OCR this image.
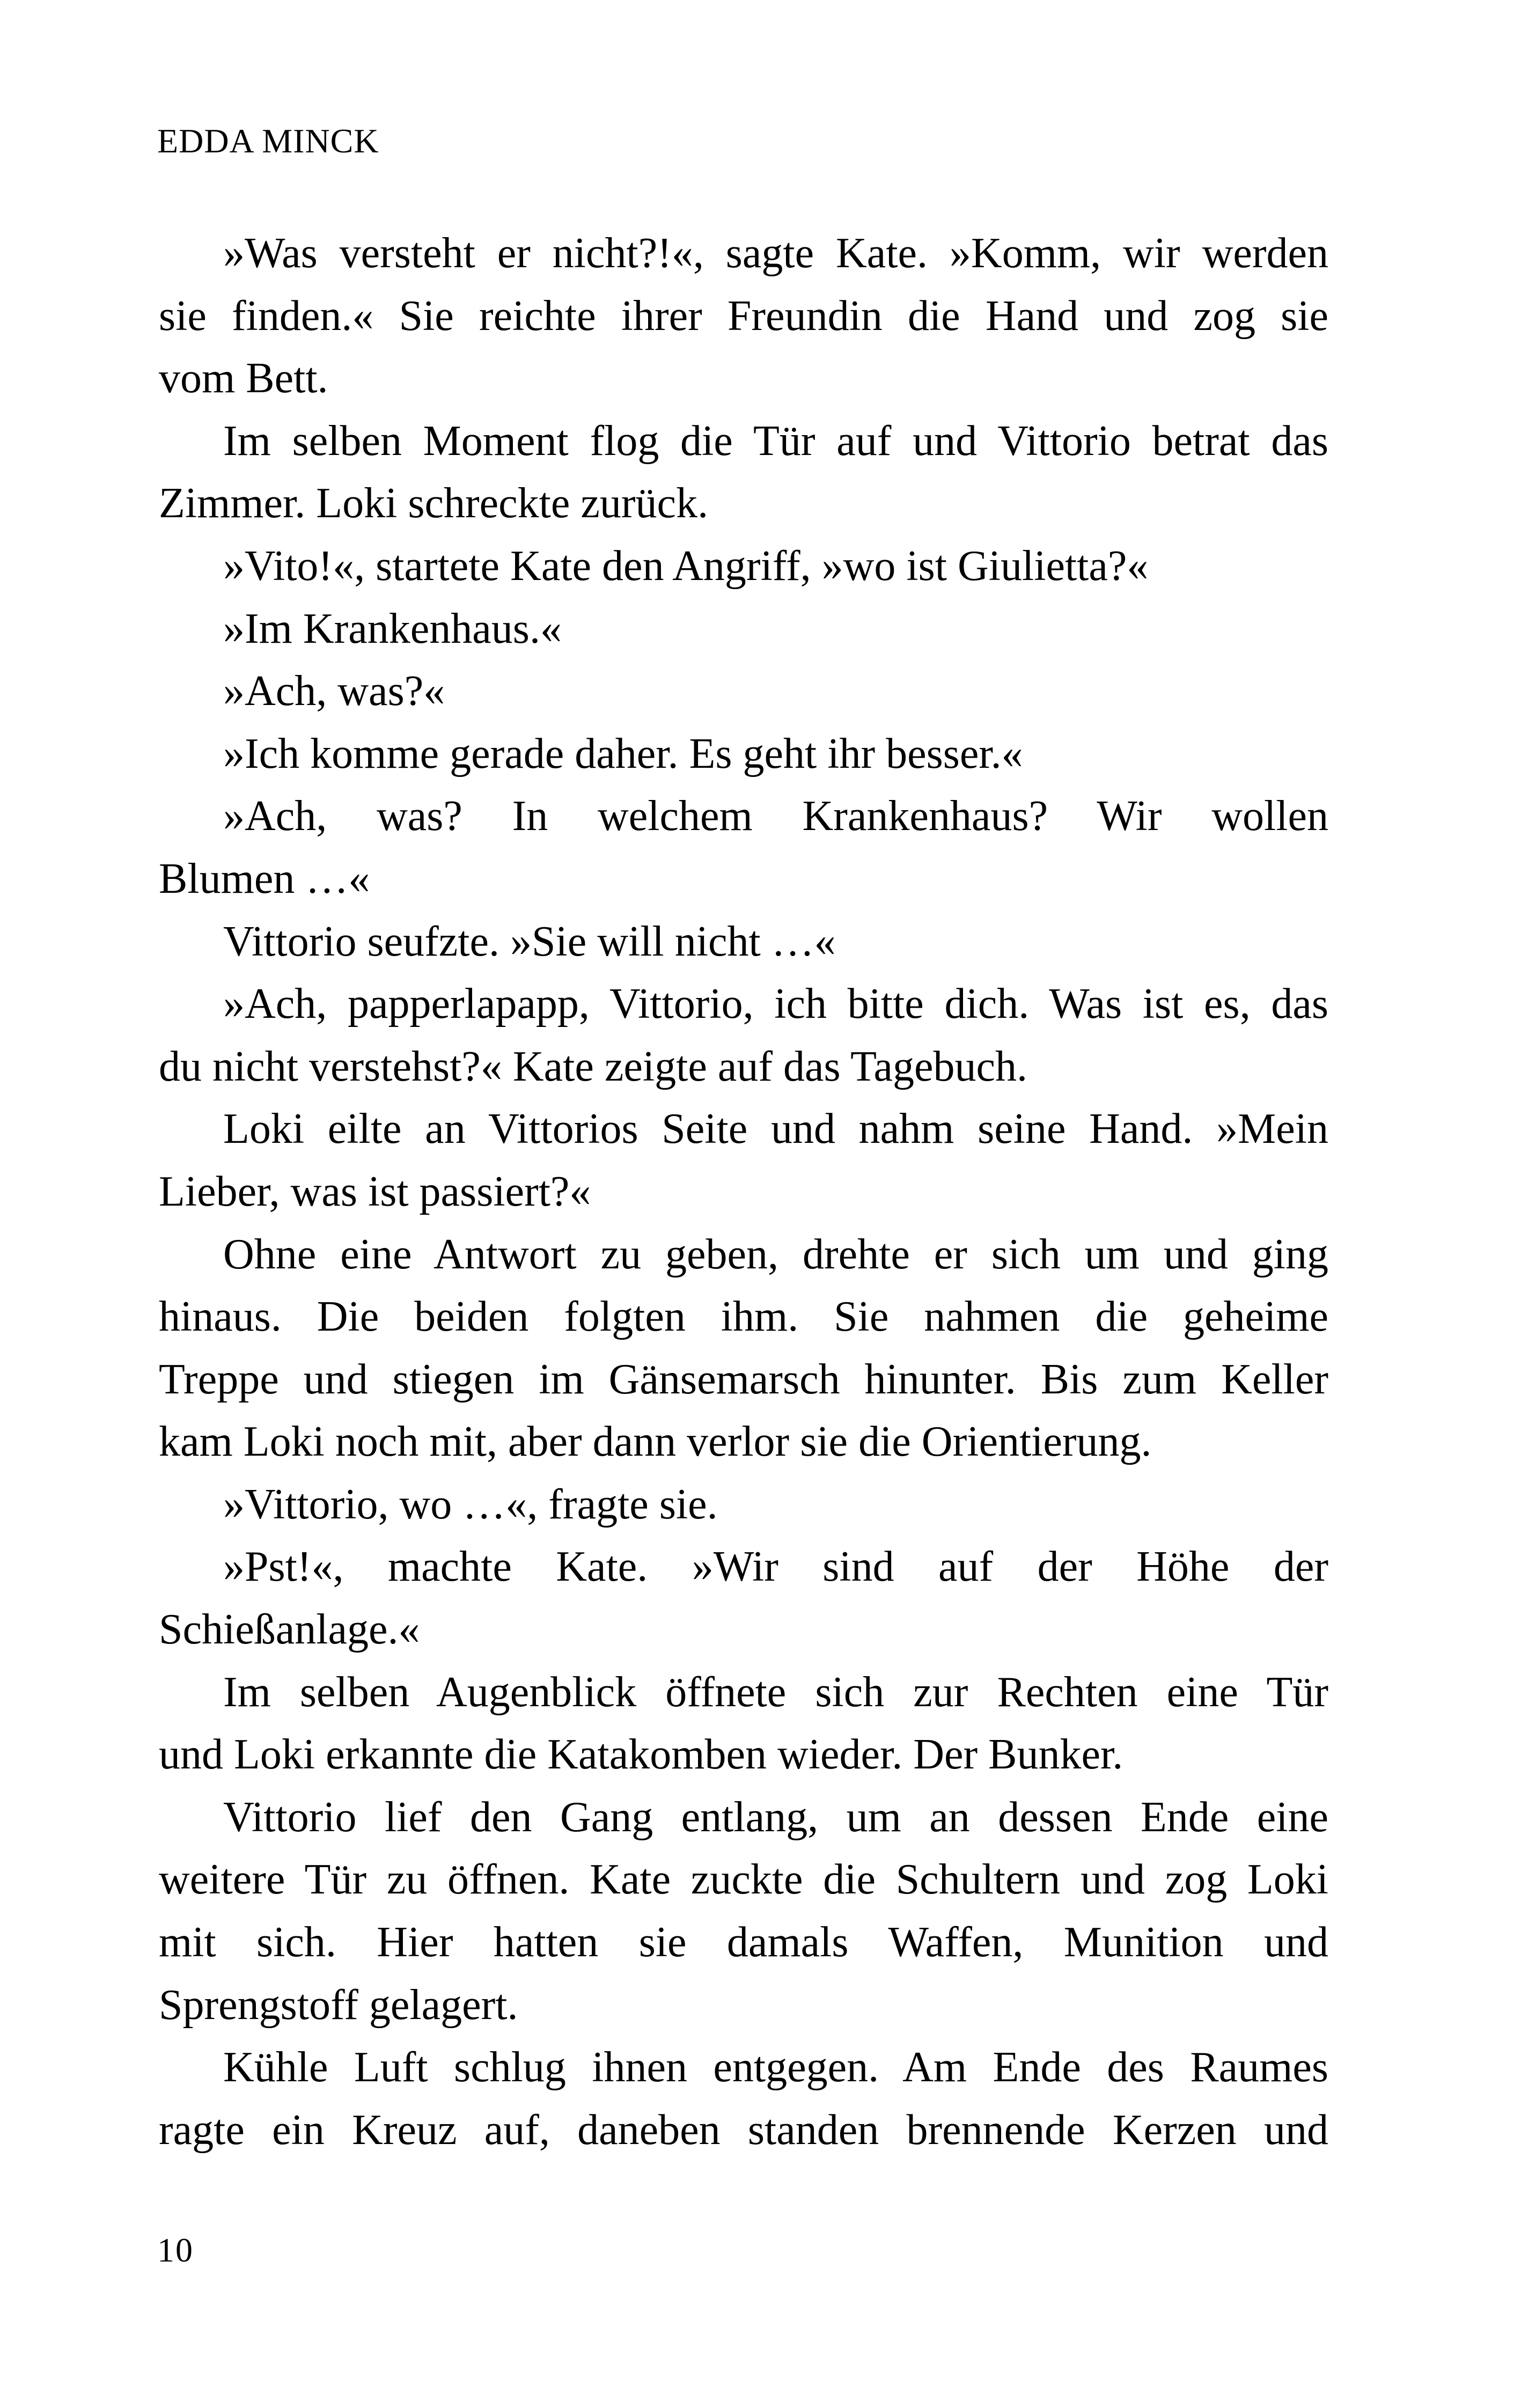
EDDA MINCK
»Was versteht er nicht?!«, sagte Kate. »Komm, wir werden
sie finden.« Sie reichte ihrer Freundin die Hand und zog sie
vom Bett.
Im selben Moment flog die Tür auf und Vittorio betrat das
Zimmer. Loki schreckte zurück.
»Vito!«, startete Kate den Angriff, »wo ist Giulietta?«
»Im Krankenhaus.«
»Ach, was?«
»Ich komme gerade daher. Es geht ihr besser.«
»Ach, was? In welchem Krankenhaus? Wir wollen
Blumen …«
Vittorio seufzte. »Sie will nicht …«
»Ach, papperlapapp, Vittorio, ich bitte dich. Was ist es, das
du nicht verstehst?« Kate zeigte auf das Tagebuch.
Loki eilte an Vittorios Seite und nahm seine Hand. »Mein
Lieber, was ist passiert?«
Ohne eine Antwort zu geben, drehte er sich um und ging
hinaus. Die beiden folgten ihm. Sie nahmen die geheime
Treppe und stiegen im Gänsemarsch hinunter. Bis zum Keller
kam Loki noch mit, aber dann verlor sie die Orientierung.
»Vittorio, wo …«, fragte sie.
»Pst!«, machte Kate. »Wir sind auf der Höhe der
Schießanlage.«
Im selben Augenblick öffnete sich zur Rechten eine Tür
und Loki erkannte die Katakomben wieder. Der Bunker.
Vittorio lief den Gang entlang, um an dessen Ende eine
weitere Tür zu öffnen. Kate zuckte die Schultern und zog Loki
mit sich. Hier hatten sie damals Waffen, Munition und
Sprengstoff gelagert.
Kühle Luft schlug ihnen entgegen. Am Ende des Raumes
ragte ein Kreuz auf, daneben standen brennende Kerzen und
10
